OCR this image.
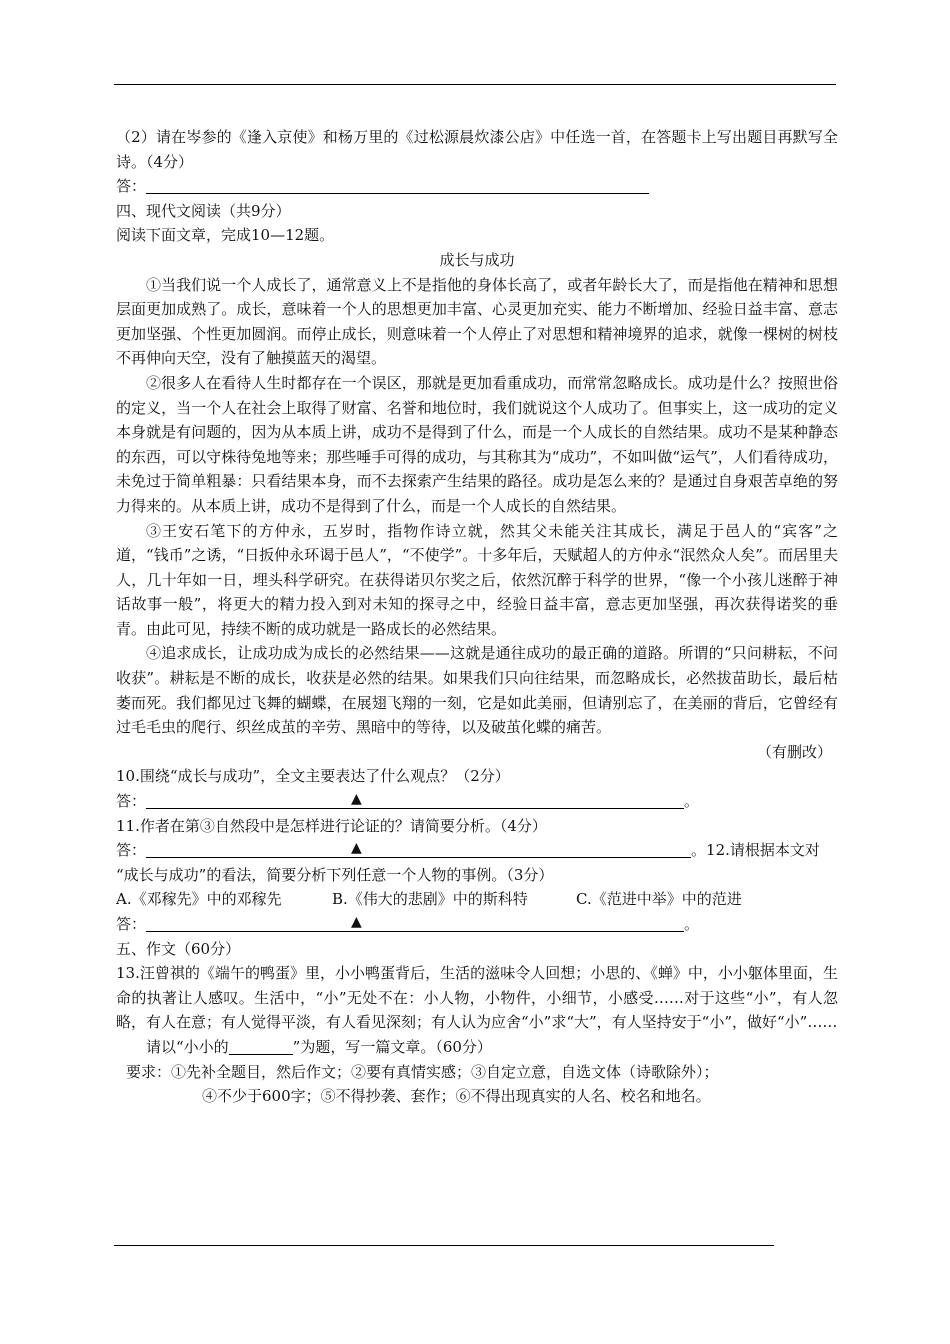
（2）请在岑参的《逢入京使》和杨万里的《过松源晨炊漆公店》中任选一首，在答题卡上写出题目再默写全诗。（4分）
答：
四、现代文阅读（共9分）
阅读下面文章，完成10—12题。
成长与成功
①当我们说一个人成长了，通常意义上不是指他的身体长高了，或者年龄长大了，而是指他在精神和思想层面更加成熟了。成长，意味着一个人的思想更加丰富、心灵更加充实、能力不断增加、经验日益丰富、意志更加坚强、个性更加圆润。而停止成长，则意味着一个人停止了对思想和精神境界的追求，就像一棵树的树枝不再伸向天空，没有了触摸蓝天的渴望。
②很多人在看待人生时都存在一个误区，那就是更加看重成功，而常常忽略成长。成功是什么？按照世俗的定义，当一个人在社会上取得了财富、名誉和地位时，我们就说这个人成功了。但事实上，这一成功的定义本身就是有问题的，因为从本质上讲，成功不是得到了什么，而是一个人成长的自然结果。成功不是某种静态的东西，可以守株待兔地等来；那些唾手可得的成功，与其称其为“成功”，不如叫做“运气”，人们看待成功，未免过于简单粗暴：只看结果本身，而不去探索产生结果的路径。成功是怎么来的？是通过自身艰苦卓绝的努力得来的。从本质上讲，成功不是得到了什么，而是一个人成长的自然结果。
③王安石笔下的方仲永，五岁时，指物作诗立就，然其父未能关注其成长，满足于邑人的“宾客”之道，“钱币”之诱，“日扳仲永环谒于邑人”，“不使学”。十多年后，天赋超人的方仲永“泯然众人矣”。而居里夫人，几十年如一日，埋头科学研究。在获得诺贝尔奖之后，依然沉醉于科学的世界，“像一个小孩儿迷醉于神话故事一般”，将更大的精力投入到对未知的探寻之中，经验日益丰富，意志更加坚强，再次获得诺奖的垂青。由此可见，持续不断的成功就是一路成长的必然结果。
④追求成长，让成功成为成长的必然结果——这就是通往成功的最正确的道路。所谓的“只问耕耘，不问收获”。耕耘是不断的成长，收获是必然的结果。如果我们只向往结果，而忽略成长，必然拔苗助长，最后枯萎而死。我们都见过飞舞的蝴蝶，在展翅飞翔的一刻，它是如此美丽，但请别忘了，在美丽的背后，它曾经有过毛毛虫的爬行、织丝成茧的辛劳、黑暗中的等待，以及破茧化蝶的痛苦。
（有删改）
10.围绕“成长与成功”，全文主要表达了什么观点？（2分）
答：	▲	。
11.作者在第③自然段中是怎样进行论证的？请简要分析。（4分）
答：	▲	。12.请根据本文对
“成长与成功”的看法，简要分析下列任意一个人物的事例。（3分）
A.《邓稼先》中的邓稼先	B.《伟大的悲剧》中的斯科特	C.《范进中举》中的范进
答：	▲	。
五、作文（60分）
13.汪曾祺的《端午的鸭蛋》里，小小鸭蛋背后，生活的滋味令人回想；小思的、《蝉》中，小小躯体里面，生命的执著让人感叹。生活中，“小”无处不在：小人物，小物件，小细节，小感受……对于这些“小”，有人忽略，有人在意；有人觉得平淡，有人看见深刻；有人认为应舍“小”求“大”，有人坚持安于“小”，做好“小”……
请以“小小的	”为题，写一篇文章。（60分）
要求：①先补全题目，然后作文；②要有真情实感；③自定立意，自选文体（诗歌除外）；
④不少于600字；⑤不得抄袭、套作；⑥不得出现真实的人名、校名和地名。
